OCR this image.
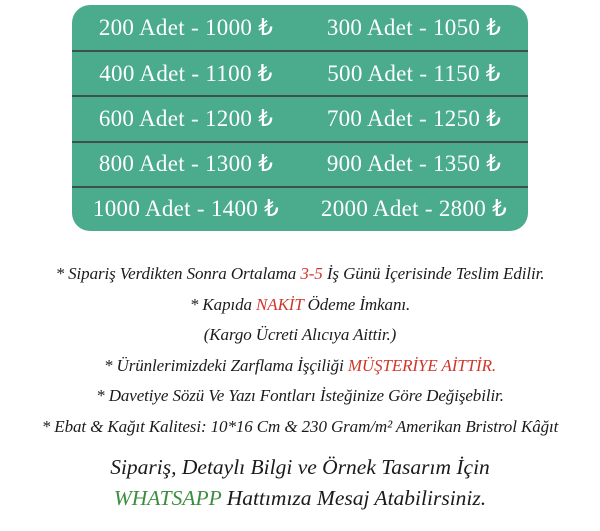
200 Adet - 1000 ₺	300 Adet - 1050 ₺
400 Adet - 1100 ₺	500 Adet - 1150 ₺
600 Adet - 1200 ₺	700 Adet - 1250 ₺
800 Adet - 1300 ₺	900 Adet - 1350 ₺
1000 Adet - 1400 ₺	2000 Adet - 2800 ₺
* Sipariş Verdikten Sonra Ortalama 3-5 İş Günü İçerisinde Teslim Edilir.
* Kapıda NAKİT Ödeme İmkanı.
(Kargo Ücreti Alıcıya Aittir.)
* Ürünlerimizdeki Zarflama İşçiliği MÜŞTERİYE AİTTİR.
* Davetiye Sözü Ve Yazı Fontları İsteğinize Göre Değişebilir.
* Ebat & Kağıt Kalitesi: 10*16 Cm & 230 Gram/m² Amerikan Bristrol Kâğıt
Sipariş, Detaylı Bilgi ve Örnek Tasarım İçin
WHATSAPP Hattımıza Mesaj Atabilirsiniz.
